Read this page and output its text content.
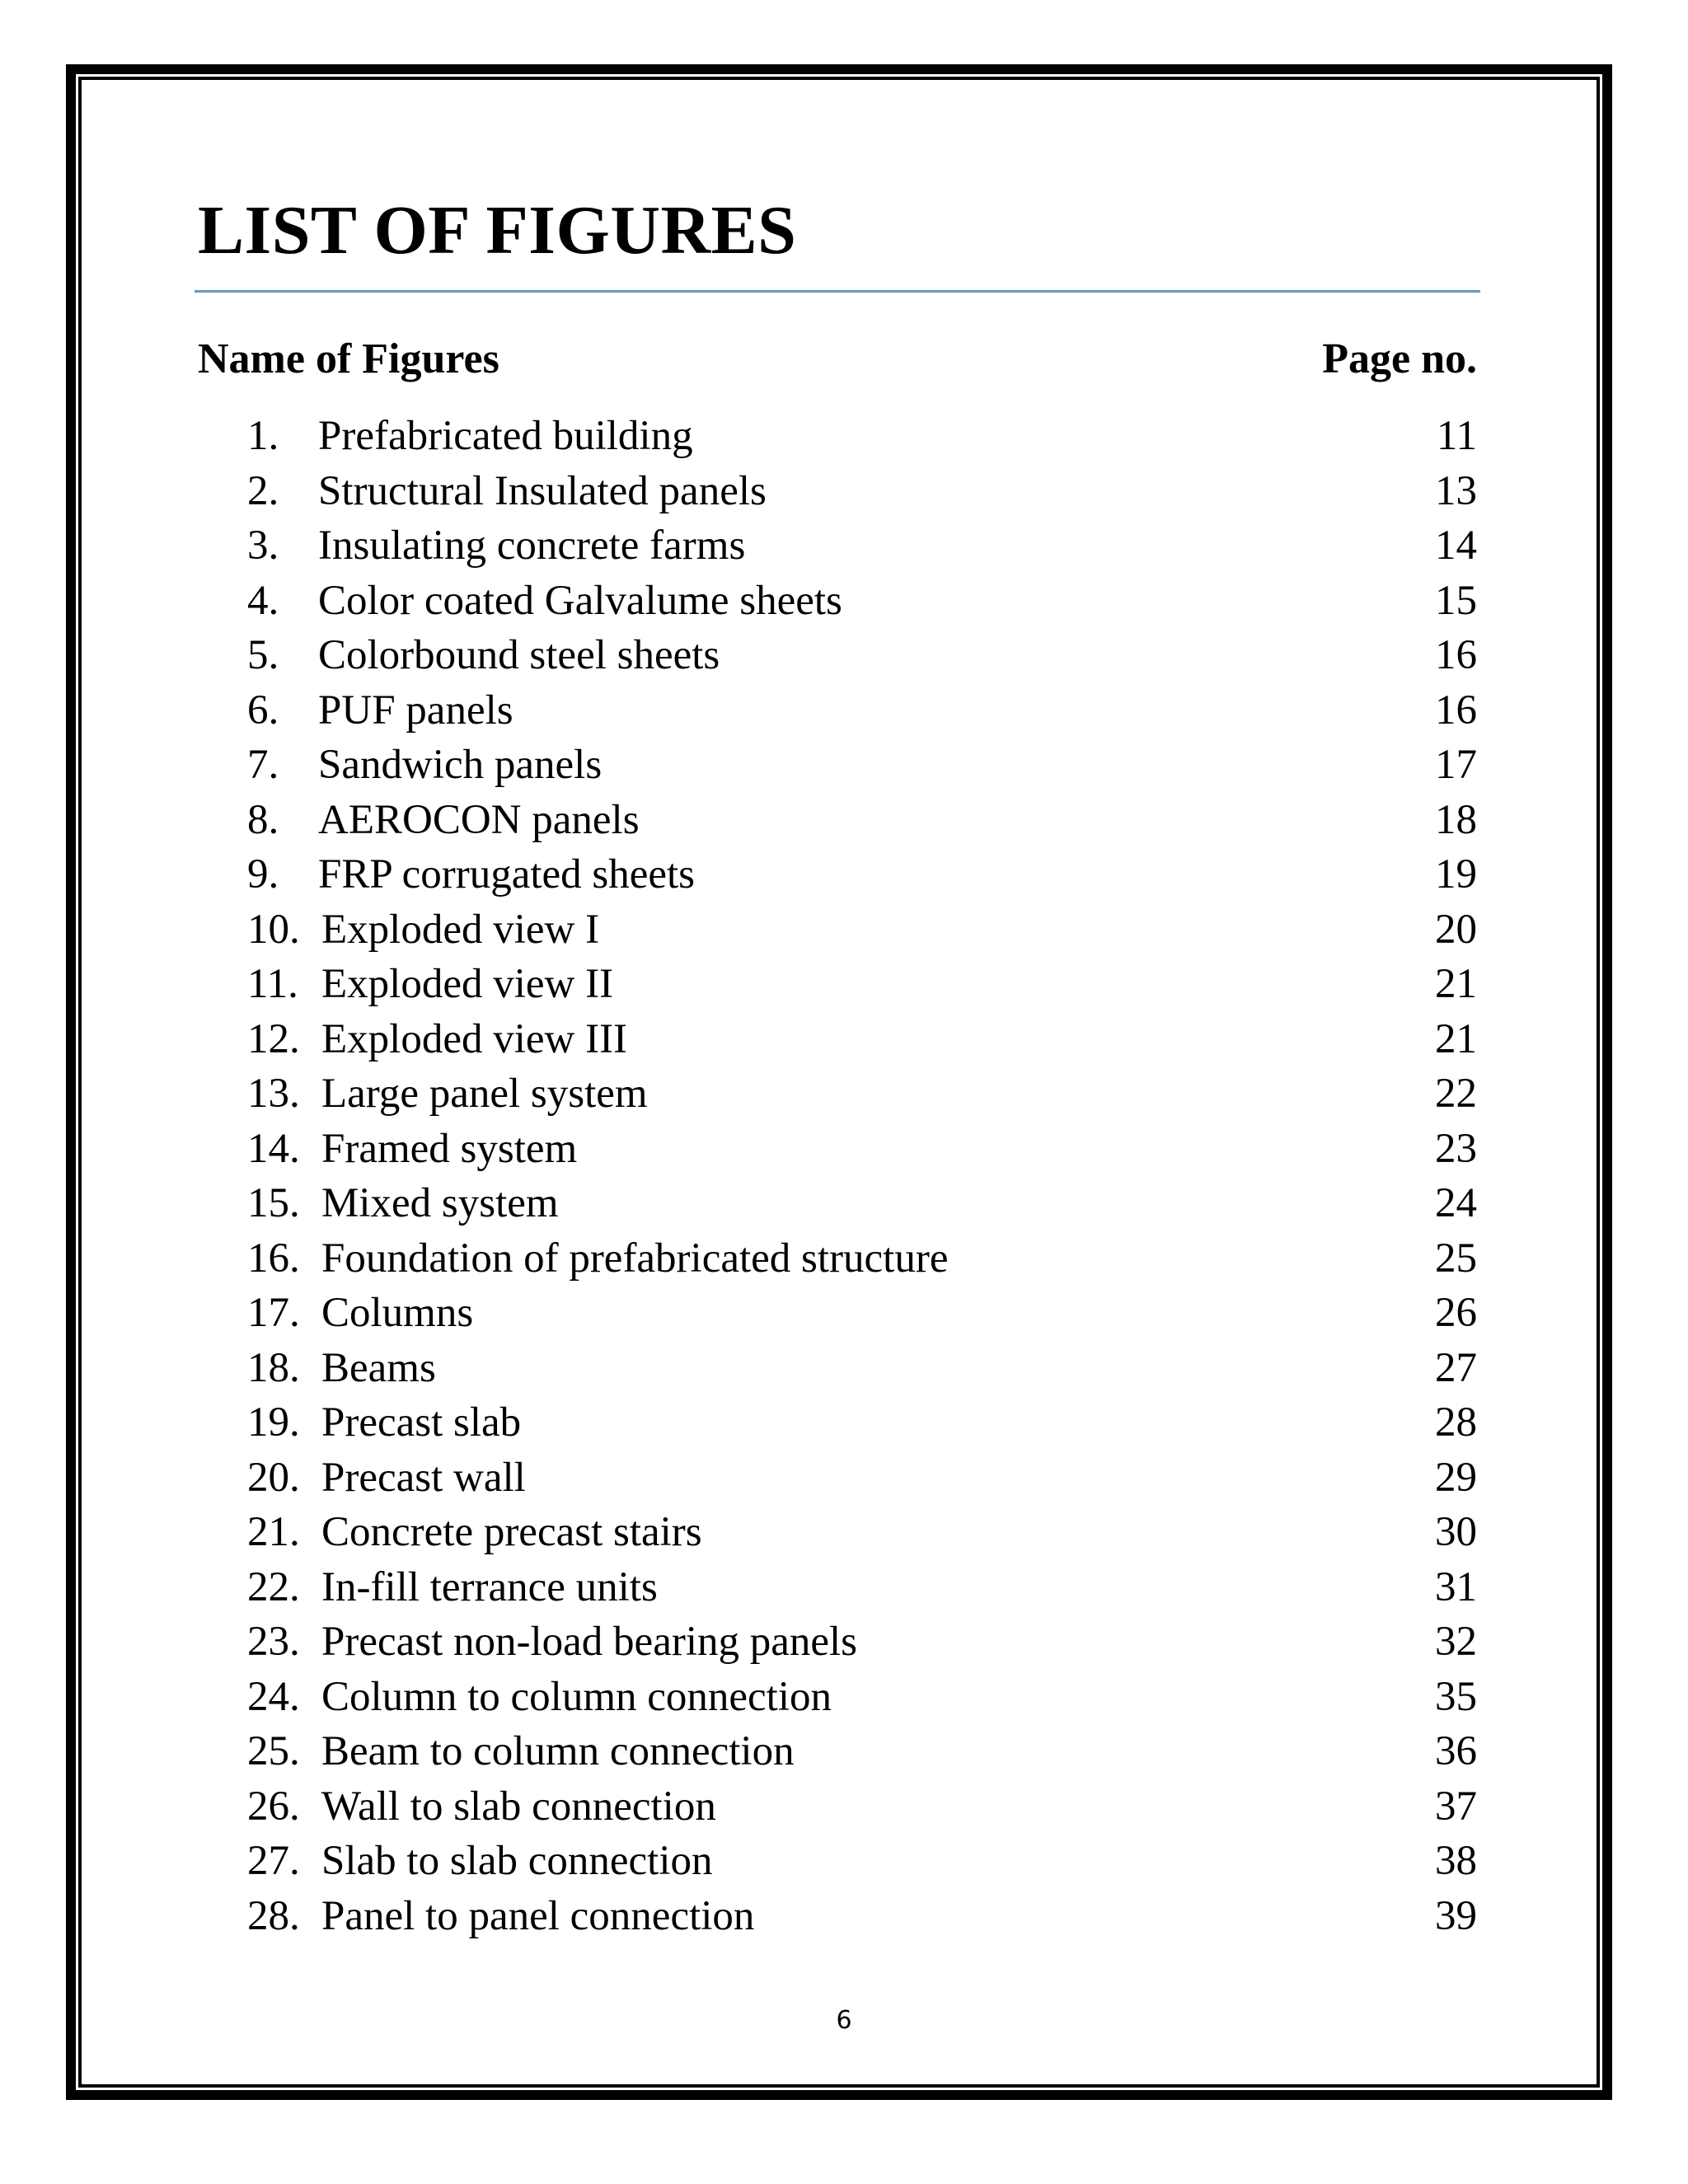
LIST OF FIGURES
Name of Figures	Page no.
1. Prefabricated building	11
2. Structural Insulated panels	13
3. Insulating concrete farms	14
4. Color coated Galvalume sheets	15
5. Colorbound steel sheets	16
6. PUF panels	16
7. Sandwich panels	17
8. AEROCON panels	18
9. FRP corrugated sheets	19
10. Exploded view I	20
11. Exploded view II	21
12. Exploded view III	21
13. Large panel system	22
14. Framed system	23
15. Mixed system	24
16. Foundation of prefabricated structure	25
17. Columns	26
18. Beams	27
19. Precast slab	28
20. Precast wall	29
21. Concrete precast stairs	30
22. In-fill terrance units	31
23. Precast non-load bearing panels	32
24. Column to column connection	35
25. Beam to column connection	36
26. Wall to slab connection	37
27. Slab to slab connection	38
28. Panel to panel connection	39
6
